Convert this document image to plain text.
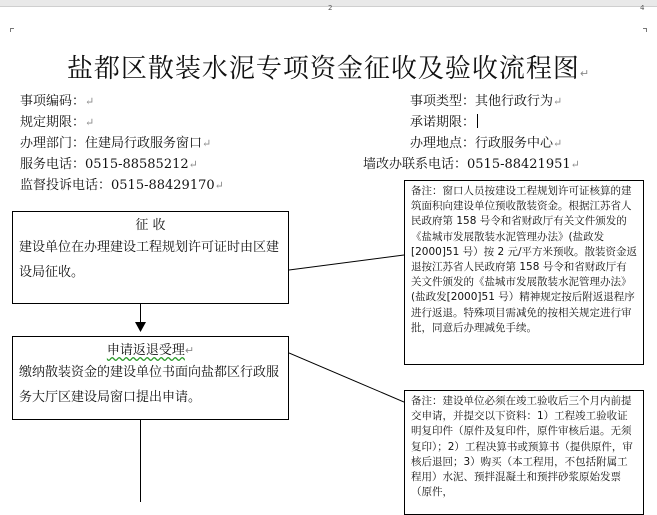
2	4
盐都区散装水泥专项资金征收及验收流程图↵
事项编码：↵	事项类型：其他行政行为↵
规定期限：↵	承诺期限：
办理部门：住建局行政服务窗口↵	办理地点：行政服务中心↵
服务电话：0515-88585212↵	墙改办联系电话：0515-88421951↵
监督投诉电话：0515-88429170↵
征 收
建设单位在办理建设工程规划许可证时由区建设局征收。
申请返退受理↵
缴纳散装资金的建设单位书面向盐都区行政服务大厅区建设局窗口提出申请。
备注：窗口人员按建设工程规划许可证核算的建筑面积向建设单位预收散装资金。根据江苏省人民政府第 158 号令和省财政厅有关文件颁发的《盐城市发展散装水泥管理办法》(盐政发[2000]51 号）按 2 元/平方米预收。散装资金返退按江苏省人民政府第 158 号令和省财政厅有关文件颁发的《盐城市发展散装水泥管理办法》(盐政发[2000]51 号）精神规定按后附返退程序进行返退。特殊项目需减免的按相关规定进行审批，同意后办理减免手续。
备注：建设单位必须在竣工验收后三个月内前提交申请，并提交以下资料：1）工程竣工验收证明复印件（原件及复印件，原件审核后退。无须复印）；2）工程决算书或预算书（提供原件，审核后退回；3）购买（本工程用，不包括附属工程用）水泥、预拌混凝土和预拌砂浆原始发票（原件，
